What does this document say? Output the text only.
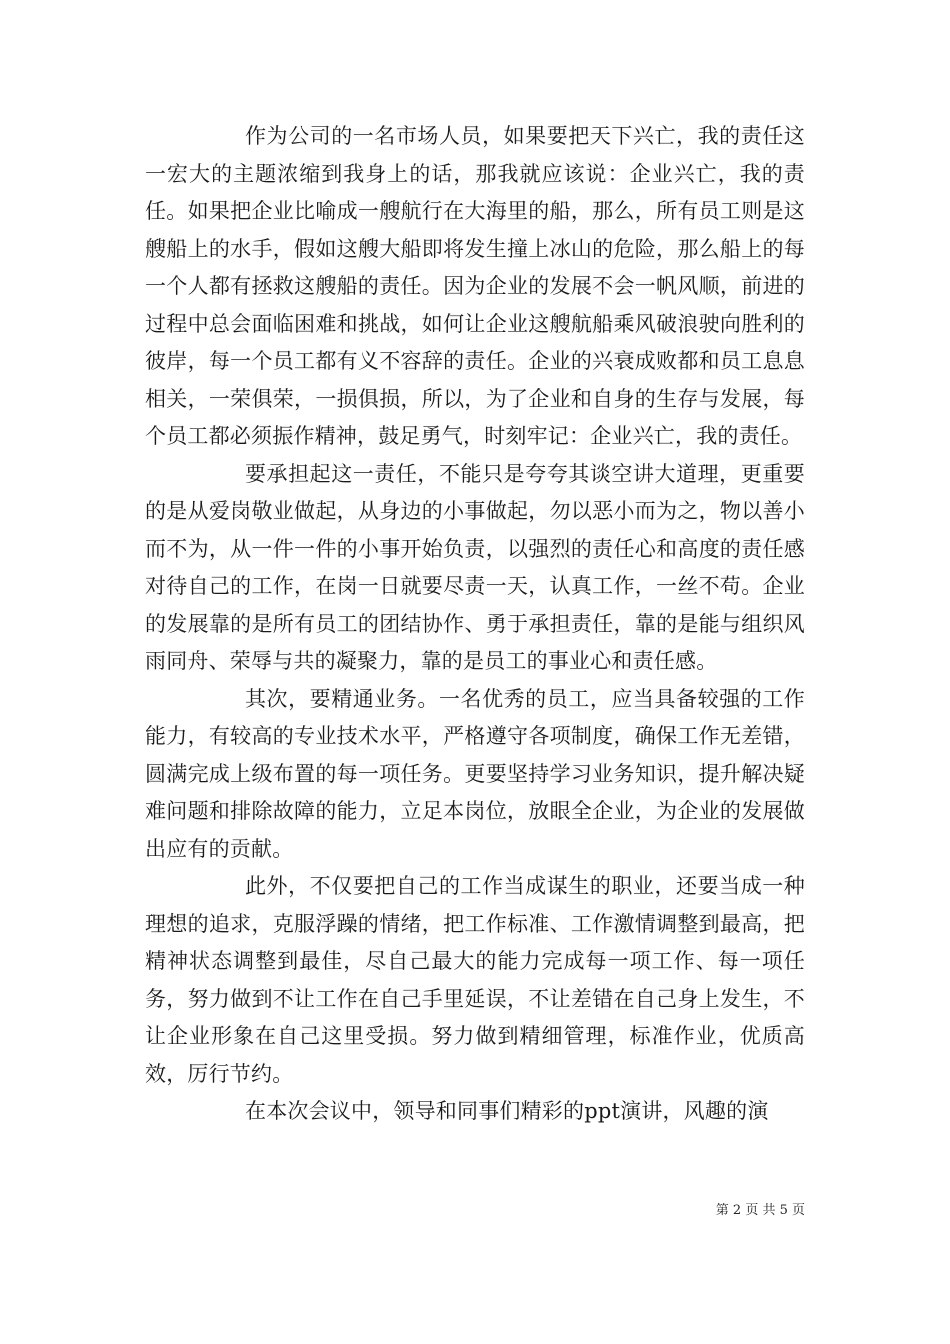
作为公司的一名市场人员，如果要把天下兴亡，我的责任这一宏大的主题浓缩到我身上的话，那我就应该说：企业兴亡，我的责任。如果把企业比喻成一艘航行在大海里的船，那么，所有员工则是这艘船上的水手，假如这艘大船即将发生撞上冰山的危险，那么船上的每一个人都有拯救这艘船的责任。因为企业的发展不会一帆风顺，前进的过程中总会面临困难和挑战，如何让企业这艘航船乘风破浪驶向胜利的彼岸，每一个员工都有义不容辞的责任。企业的兴衰成败都和员工息息相关，一荣俱荣，一损俱损，所以，为了企业和自身的生存与发展，每个员工都必须振作精神，鼓足勇气，时刻牢记：企业兴亡，我的责任。

要承担起这一责任，不能只是夸夸其谈空讲大道理，更重要的是从爱岗敬业做起，从身边的小事做起，勿以恶小而为之，物以善小而不为，从一件一件的小事开始负责，以强烈的责任心和高度的责任感对待自己的工作，在岗一日就要尽责一天，认真工作，一丝不苟。企业的发展靠的是所有员工的团结协作、勇于承担责任，靠的是能与组织风雨同舟、荣辱与共的凝聚力，靠的是员工的事业心和责任感。

其次，要精通业务。一名优秀的员工，应当具备较强的工作能力，有较高的专业技术水平，严格遵守各项制度，确保工作无差错，圆满完成上级布置的每一项任务。更要坚持学习业务知识，提升解决疑难问题和排除故障的能力，立足本岗位，放眼全企业，为企业的发展做出应有的贡献。

此外，不仅要把自己的工作当成谋生的职业，还要当成一种理想的追求，克服浮躁的情绪，把工作标准、工作激情调整到最高，把精神状态调整到最佳，尽自己最大的能力完成每一项工作、每一项任务，努力做到不让工作在自己手里延误，不让差错在自己身上发生，不让企业形象在自己这里受损。努力做到精细管理，标准作业，优质高效，厉行节约。

在本次会议中，领导和同事们精彩的ppt演讲，风趣的演

第 2 页 共 5 页
